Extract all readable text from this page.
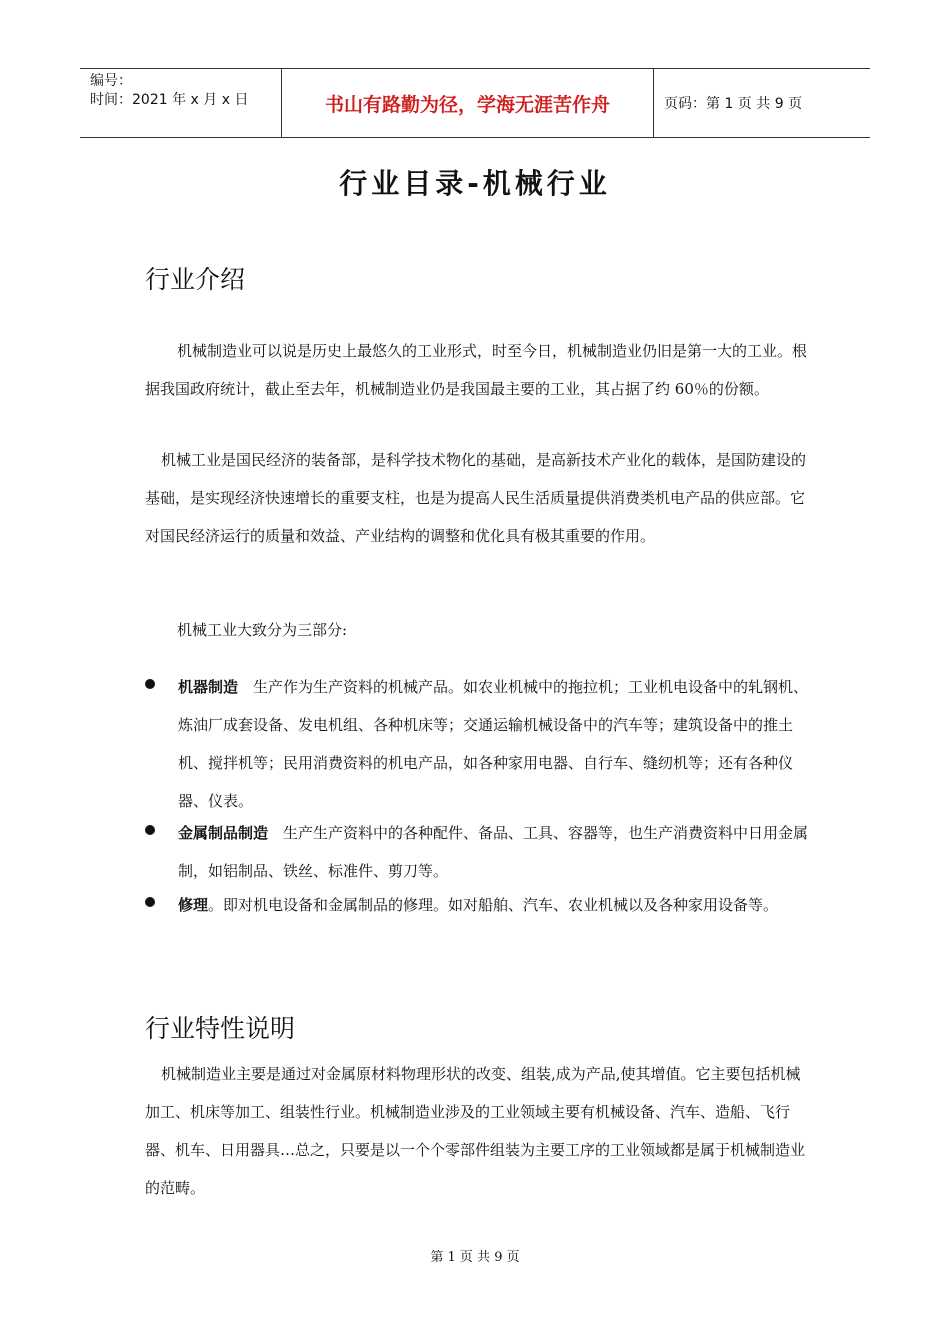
编号：
时间：2021 年 x 月 x 日	书山有路勤为径，学海无涯苦作舟	页码：第 1 页 共 9 页
行业目录-机械行业
行业介绍

机械制造业可以说是历史上最悠久的工业形式，时至今日，机械制造业仍旧是第一大的工业。根据我国政府统计，截止至去年，机械制造业仍是我国最主要的工业，其占据了约 60％的份额。

机械工业是国民经济的装备部，是科学技术物化的基础，是高新技术产业化的载体，是国防建设的基础，是实现经济快速增长的重要支柱，也是为提高人民生活质量提供消费类机电产品的供应部。它对国民经济运行的质量和效益、产业结构的调整和优化具有极其重要的作用。

机械工业大致分为三部分:

机器制造　生产作为生产资料的机械产品。如农业机械中的拖拉机；工业机电设备中的轧钢机、炼油厂成套设备、发电机组、各种机床等；交通运输机械设备中的汽车等；建筑设备中的推土机、搅拌机等；民用消费资料的机电产品，如各种家用电器、自行车、缝纫机等；还有各种仪器、仪表。
金属制品制造　生产生产资料中的各种配件、备品、工具、容器等，也生产消费资料中日用金属制，如铝制品、铁丝、标准件、剪刀等。
修理。即对机电设备和金属制品的修理。如对船舶、汽车、农业机械以及各种家用设备等。
行业特性说明

机械制造业主要是通过对金属原材料物理形状的改变、组装,成为产品,使其增值。它主要包括机械加工、机床等加工、组装性行业。机械制造业涉及的工业领域主要有机械设备、汽车、造船、飞行器、机车、日用器具…总之，只要是以一个个零部件组装为主要工序的工业领域都是属于机械制造业的范畴。

第 1 页 共 9 页
